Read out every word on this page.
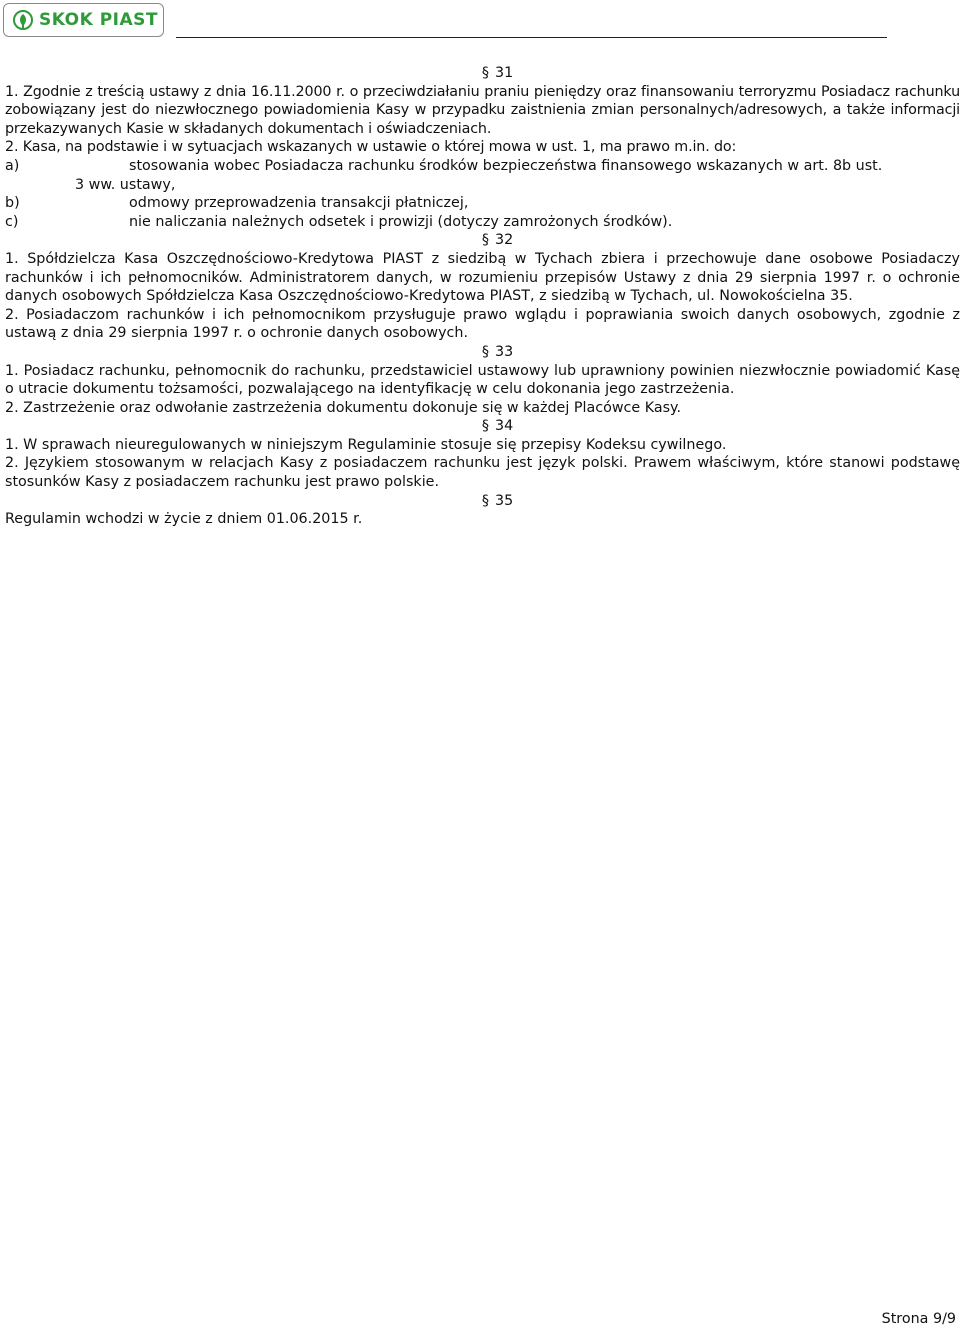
SKOK PIAST
§ 31

1. Zgodnie z treścią ustawy z dnia 16.11.2000 r. o przeciwdziałaniu praniu pieniędzy oraz finansowaniu terroryzmu Posiadacz rachunku zobowiązany jest do niezwłocznego powiadomienia Kasy w przypadku zaistnienia zmian personalnych/adresowych, a także informacji przekazywanych Kasie w składanych dokumentach i oświadczeniach.

2. Kasa, na podstawie i w sytuacjach wskazanych w ustawie o której mowa w ust. 1, ma prawo m.in. do:

a)	stosowania wobec Posiadacza rachunku środków bezpieczeństwa finansowego wskazanych w art. 8b ust.
3 ww. ustawy,
b)	odmowy przeprowadzenia transakcji płatniczej,
c)	nie naliczania należnych odsetek i prowizji (dotyczy zamrożonych środków).
§ 32

1. Spółdzielcza Kasa Oszczędnościowo-Kredytowa PIAST z siedzibą w Tychach zbiera i przechowuje dane osobowe Posiadaczy rachunków i ich pełnomocników. Administratorem danych, w rozumieniu przepisów Ustawy z dnia 29 sierpnia 1997 r. o ochronie danych osobowych Spółdzielcza Kasa Oszczędnościowo-Kredytowa PIAST, z siedzibą w Tychach, ul. Nowokościelna 35.

2. Posiadaczom rachunków i ich pełnomocnikom przysługuje prawo wglądu i poprawiania swoich danych osobowych, zgodnie z ustawą z dnia 29 sierpnia 1997 r. o ochronie danych osobowych.

§ 33

1. Posiadacz rachunku, pełnomocnik do rachunku, przedstawiciel ustawowy lub uprawniony powinien niezwłocznie powiadomić Kasę o utracie dokumentu tożsamości, pozwalającego na identyfikację w celu dokonania jego zastrzeżenia.

2. Zastrzeżenie oraz odwołanie zastrzeżenia dokumentu dokonuje się w każdej Placówce Kasy.

§ 34

1. W sprawach nieuregulowanych w niniejszym Regulaminie stosuje się przepisy Kodeksu cywilnego.

2. Językiem stosowanym w relacjach Kasy z posiadaczem rachunku jest język polski. Prawem właściwym, które stanowi podstawę stosunków Kasy z posiadaczem rachunku jest prawo polskie.

§ 35

Regulamin wchodzi w życie z dniem 01.06.2015 r.

Strona 9/9
